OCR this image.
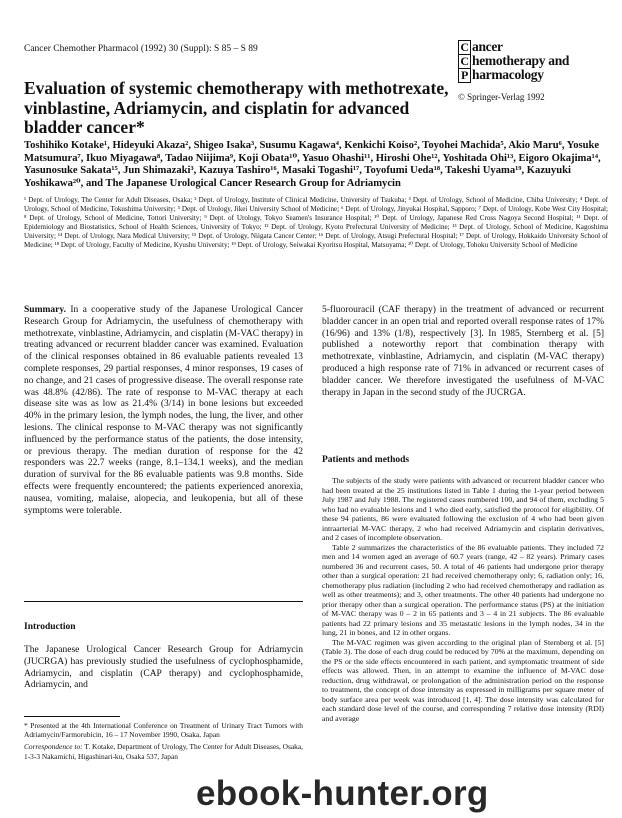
Cancer Chemother Pharmacol (1992) 30 (Suppl): S 85 – S 89	C ancer
C hemotherapy and
P harmacology
© Springer-Verlag 1992
Evaluation of systemic chemotherapy with methotrexate, vinblastine, Adriamycin, and cisplatin for advanced bladder cancer*
Toshihiko Kotake¹, Hideyuki Akaza², Shigeo Isaka³, Susumu Kagawa⁴, Kenkichi Koiso², Toyohei Machida⁵, Akio Maru⁶, Yosuke Matsumura⁷, Ikuo Miyagawa⁸, Tadao Niijima⁹, Koji Obata¹⁰, Yasuo Ohashi¹¹, Hiroshi Ohe¹², Yoshitada Ohi¹³, Eigoro Okajima¹⁴, Yasunosuke Sakata¹⁵, Jun Shimazaki³, Kazuya Tashiro¹⁶, Masaki Togashi¹⁷, Toyofumi Ueda¹⁸, Takeshi Uyama¹⁹, Kazuyuki Yoshikawa²⁰, and The Japanese Urological Cancer Research Group for Adriamycin
¹ Dept. of Urology, The Center for Adult Diseases, Osaka; ² Dept. of Urology, Institute of Clinical Medicine, University of Tsukuba; ³ Dept. of Urology, School of Medicine, Chiba University; ⁴ Dept. of Urology, School of Medicine, Tokushima University; ⁵ Dept. of Urology, Jikei University School of Medicine; ⁶ Dept. of Urology, Jinyukai Hospital, Sapporo; ⁷ Dept. of Urology, Kobe West City Hospital; ⁸ Dept. of Urology, School of Medicine, Tottori University; ⁹ Dept. of Urology, Tokyo Seamen's Insurance Hospital; ¹⁰ Dept. of Urology, Japanese Red Cross Nagoya Second Hospital; ¹¹ Dept. of Epidemiology and Biostatistics, School of Health Sciences, University of Tokyo; ¹² Dept. of Urology, Kyoto Prefectural University of Medicine; ¹³ Dept. of Urology, School of Medicine, Kagoshima University; ¹⁴ Dept. of Urology, Nara Medical University; ¹⁵ Dept. of Urology, Niigata Cancer Center; ¹⁶ Dept. of Urology, Atsugi Prefectural Hospital; ¹⁷ Dept. of Urology, Hokkaido University School of Medicine; ¹⁸ Dept. of Urology, Faculty of Medicine, Kyushu University; ¹⁹ Dept. of Urology, Seiwakai Kyoritsu Hospital, Matsuyama; ²⁰ Dept. of Urology, Tohoku University School of Medicine
Summary. In a cooperative study of the Japanese Urological Cancer Research Group for Adriamycin, the usefulness of chemotherapy with methotrexate, vinblastine, Adriamycin, and cisplatin (M-VAC therapy) in treating advanced or recurrent bladder cancer was examined. Evaluation of the clinical responses obtained in 86 evaluable patients revealed 13 complete responses, 29 partial responses, 4 minor responses, 19 cases of no change, and 21 cases of progressive disease. The overall response rate was 48.8% (42/86). The rate of response to M-VAC therapy at each disease site was as low as 21.4% (3/14) in bone lesions but exceeded 40% in the primary lesion, the lymph nodes, the lung, the liver, and other lesions. The clinical response to M-VAC therapy was not significantly influenced by the performance status of the patients, the dose intensity, or previous therapy. The median duration of response for the 42 responders was 22.7 weeks (range, 8.1–134.1 weeks), and the median duration of survival for the 86 evaluable patients was 9.8 months. Side effects were frequently encountered; the patients experienced anorexia, nausea, vomiting, malaise, alopecia, and leukopenia, but all of these symptoms were tolerable.
Introduction
The Japanese Urological Cancer Research Group for Adriamycin (JUCRGA) has previously studied the usefulness of cyclophosphamide, Adriamycin, and cisplatin (CAP therapy) and cyclophosphamide, Adriamycin, and
* Presented at the 4th International Conference on Treatment of Urinary Tract Tumors with Adriamycin/Farmorubicin, 16 – 17 November 1990, Osaka, Japan
Correspondence to: T. Kotake, Department of Urology, The Center for Adult Diseases, Osaka, 1-3-3 Nakamichi, Higashinari-ku, Osaka 537, Japan
5-fluorouracil (CAF therapy) in the treatment of advanced or recurrent bladder cancer in an open trial and reported overall response rates of 17% (16/96) and 13% (1/8), respectively [3]. In 1985, Sternberg et al. [5] published a noteworthy report that combination therapy with methotrexate, vinblastine, Adriamycin, and cisplatin (M-VAC therapy) produced a high response rate of 71% in advanced or recurrent cases of bladder cancer. We therefore investigated the usefulness of M-VAC therapy in Japan in the second study of the JUCRGA.
Patients and methods

The subjects of the study were patients with advanced or recurrent bladder cancer who had been treated at the 25 institutions listed in Table 1 during the 1-year period between July 1987 and July 1988. The registered cases numbered 100, and 94 of them, excluding 5 who had no evaluable lesions and 1 who died early, satisfied the protocol for eligibility. Of these 94 patients, 86 were evaluated following the exclusion of 4 who had been given intraarterial M-VAC therapy, 2 who had received Adriamycin and cisplatin derivatives, and 2 cases of incomplete observation.

Table 2 summarizes the characteristics of the 86 evaluable patients. They included 72 men and 14 women aged an average of 60.7 years (range, 42 – 82 years). Primary cases numbered 36 and recurrent cases, 50. A total of 46 patients had undergone prior therapy other than a surgical operation: 21 had received chemotherapy only; 6, radiation only; 16, chemotherapy plus radiation (including 2 who had received chemotherapy and radiation as well as other treatments); and 3, other treatments. The other 40 patients had undergone no prior therapy other than a surgical operation. The performance status (PS) at the initiation of M-VAC therapy was 0 – 2 in 65 patients and 3 – 4 in 21 subjects. The 86 evaluable patients had 22 primary lesions and 35 metastatic lesions in the lymph nodes, 34 in the lung, 21 in bones, and 12 in other organs.

The M-VAC regimen was given according to the original plan of Sternberg et al. [5] (Table 3). The dose of each drug could be reduced by 70% at the maximum, depending on the PS or the side effects encountered in each patient, and symptomatic treatment of side effects was allowed. Then, in an attempt to examine the influence of M-VAC dose reduction, drug withdrawal, or prolongation of the administration period on the response to treatment, the concept of dose intensity as expressed in milligrams per square meter of body surface area per week was introduced [1, 4]. The dose intensity was calculated for each standard dose level of the course, and corresponding 7 relative dose intensity (RDI) and average

ebook-hunter.org
